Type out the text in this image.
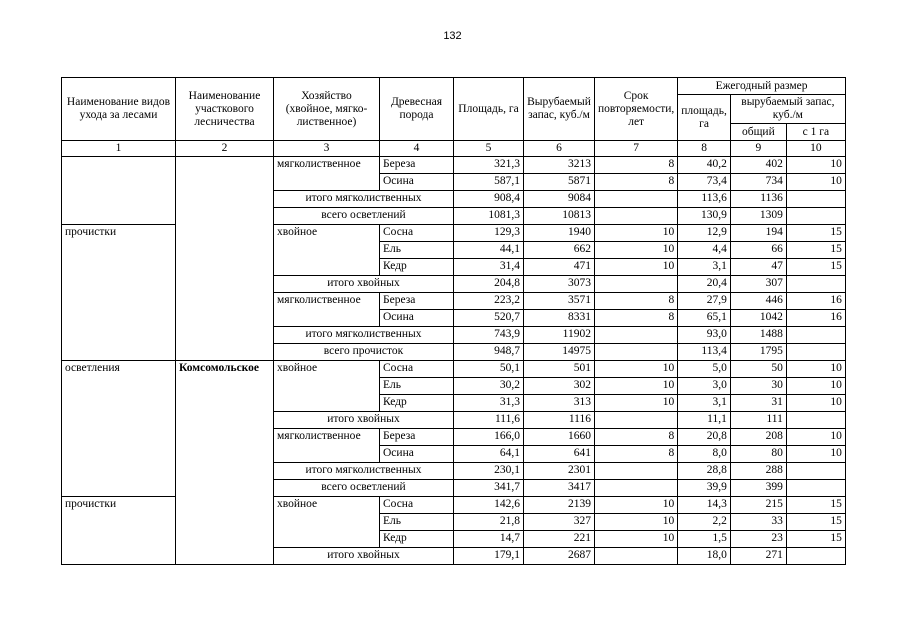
132
Наименование видов ухода за лесами	Наименование участкового лесничества	Хозяйство (хвойное, мягко-лиственное)	Древесная порода	Площадь, га	Вырубаемый запас, куб./м	Срок повторяемости, лет	Ежегодный размер		
							площадь, га	вырубаемый запас, куб./м	
								общий	с 1 га
1	2	3	4	5	6	7	8	9	10
		мягколиственное	Береза	321,3	3213	8	40,2	402	10
			Осина	587,1	5871	8	73,4	734	10
		итого мягколиственных		908,4	9084		113,6	1136	
		всего осветлений		1081,3	10813		130,9	1309	
прочистки		хвойное	Сосна	129,3	1940	10	12,9	194	15
			Ель	44,1	662	10	4,4	66	15
			Кедр	31,4	471	10	3,1	47	15
		итого хвойных		204,8	3073		20,4	307	
		мягколиственное	Береза	223,2	3571	8	27,9	446	16
			Осина	520,7	8331	8	65,1	1042	16
		итого мягколиственных		743,9	11902		93,0	1488	
		всего прочисток		948,7	14975		113,4	1795	
осветления	Комсомольское	хвойное	Сосна	50,1	501	10	5,0	50	10
			Ель	30,2	302	10	3,0	30	10
			Кедр	31,3	313	10	3,1	31	10
		итого хвойных		111,6	1116		11,1	111	
		мягколиственное	Береза	166,0	1660	8	20,8	208	10
			Осина	64,1	641	8	8,0	80	10
		итого мягколиственных		230,1	2301		28,8	288	
		всего осветлений		341,7	3417		39,9	399	
прочистки		хвойное	Сосна	142,6	2139	10	14,3	215	15
			Ель	21,8	327	10	2,2	33	15
			Кедр	14,7	221	10	1,5	23	15
		итого хвойных		179,1	2687		18,0	271	
